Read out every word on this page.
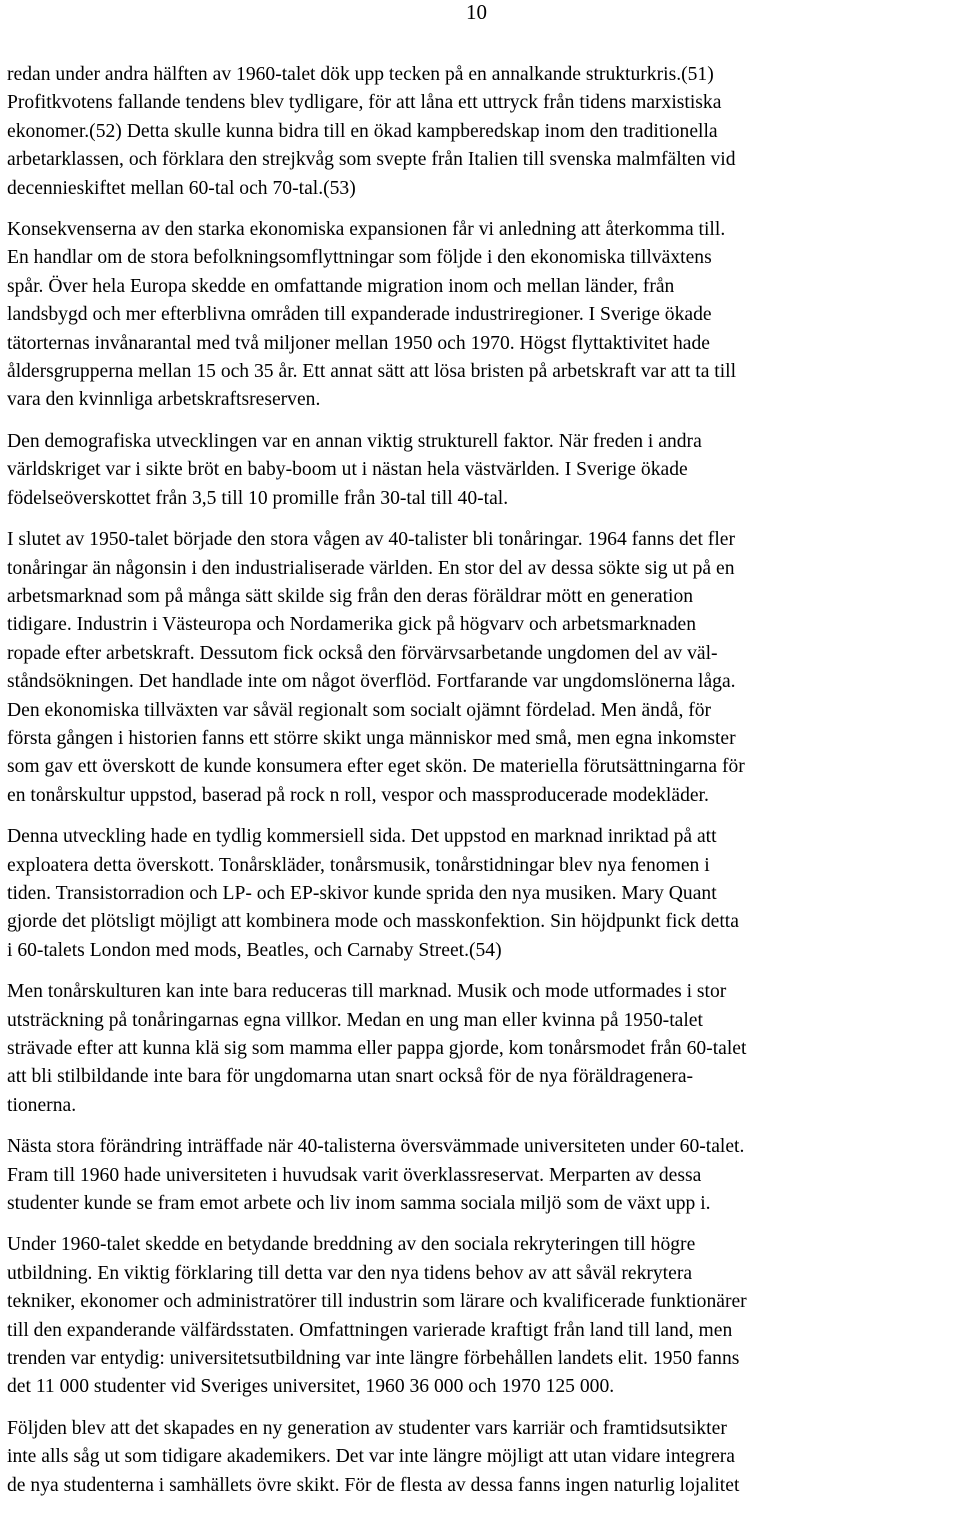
10

redan under andra hälften av 1960-talet dök upp tecken på en annalkande strukturkris.(51)
Profitkvotens fallande tendens blev tydligare, för att låna ett uttryck från tidens marxistiska
ekonomer.(52) Detta skulle kunna bidra till en ökad kampberedskap inom den traditionella
arbetarklassen, och förklara den strejkvåg som svepte från Italien till svenska malmfälten vid
decennieskiftet mellan 60-tal och 70-tal.(53)

Konsekvenserna av den starka ekonomiska expansionen får vi anledning att återkomma till.
En handlar om de stora befolkningsomflyttningar som följde i den ekonomiska tillväxtens
spår. Över hela Europa skedde en omfattande migration inom och mellan länder, från
landsbygd och mer efterblivna områden till expanderade industriregioner. I Sverige ökade
tätorternas invånarantal med två miljoner mellan 1950 och 1970. Högst flyttaktivitet hade
åldersgrupperna mellan 15 och 35 år. Ett annat sätt att lösa bristen på arbetskraft var att ta till
vara den kvinnliga arbetskraftsreserven.

Den demografiska utvecklingen var en annan viktig strukturell faktor. När freden i andra
världskriget var i sikte bröt en baby-boom ut i nästan hela västvärlden. I Sverige ökade
födelseöverskottet från 3,5 till 10 promille från 30-tal till 40-tal.

I slutet av 1950-talet började den stora vågen av 40-talister bli tonåringar. 1964 fanns det fler
tonåringar än någonsin i den industrialiserade världen. En stor del av dessa sökte sig ut på en
arbetsmarknad som på många sätt skilde sig från den deras föräldrar mött en generation
tidigare. Industrin i Västeuropa och Nordamerika gick på högvarv och arbetsmarknaden
ropade efter arbetskraft. Dessutom fick också den förvärvsarbetande ungdomen del av väl-
ståndsökningen. Det handlade inte om något överflöd. Fortfarande var ungdomslönerna låga.
Den ekonomiska tillväxten var såväl regionalt som socialt ojämnt fördelad. Men ändå, för
första gången i historien fanns ett större skikt unga människor med små, men egna inkomster
som gav ett överskott de kunde konsumera efter eget skön. De materiella förutsättningarna för
en tonårskultur uppstod, baserad på rock n roll, vespor och massproducerade modekläder.

Denna utveckling hade en tydlig kommersiell sida. Det uppstod en marknad inriktad på att
exploatera detta överskott. Tonårskläder, tonårsmusik, tonårstidningar blev nya fenomen i
tiden. Transistorradion och LP- och EP-skivor kunde sprida den nya musiken. Mary Quant
gjorde det plötsligt möjligt att kombinera mode och masskonfektion. Sin höjdpunkt fick detta
i 60-talets London med mods, Beatles, och Carnaby Street.(54)

Men tonårskulturen kan inte bara reduceras till marknad. Musik och mode utformades i stor
utsträckning på tonåringarnas egna villkor. Medan en ung man eller kvinna på 1950-talet
strävade efter att kunna klä sig som mamma eller pappa gjorde, kom tonårsmodet från 60-talet
att bli stilbildande inte bara för ungdomarna utan snart också för de nya föräldragenera-
tionerna.

Nästa stora förändring inträffade när 40-talisterna översvämmade universiteten under 60-talet.
Fram till 1960 hade universiteten i huvudsak varit överklassreservat. Merparten av dessa
studenter kunde se fram emot arbete och liv inom samma sociala miljö som de växt upp i.

Under 1960-talet skedde en betydande breddning av den sociala rekryteringen till högre
utbildning. En viktig förklaring till detta var den nya tidens behov av att såväl rekrytera
tekniker, ekonomer och administratörer till industrin som lärare och kvalificerade funktionärer
till den expanderande välfärdsstaten. Omfattningen varierade kraftigt från land till land, men
trenden var entydig: universitetsutbildning var inte längre förbehållen landets elit. 1950 fanns
det 11 000 studenter vid Sveriges universitet, 1960 36 000 och 1970 125 000.

Följden blev att det skapades en ny generation av studenter vars karriär och framtidsutsikter
inte alls såg ut som tidigare akademikers. Det var inte längre möjligt att utan vidare integrera
de nya studenterna i samhällets övre skikt. För de flesta av dessa fanns ingen naturlig lojalitet
